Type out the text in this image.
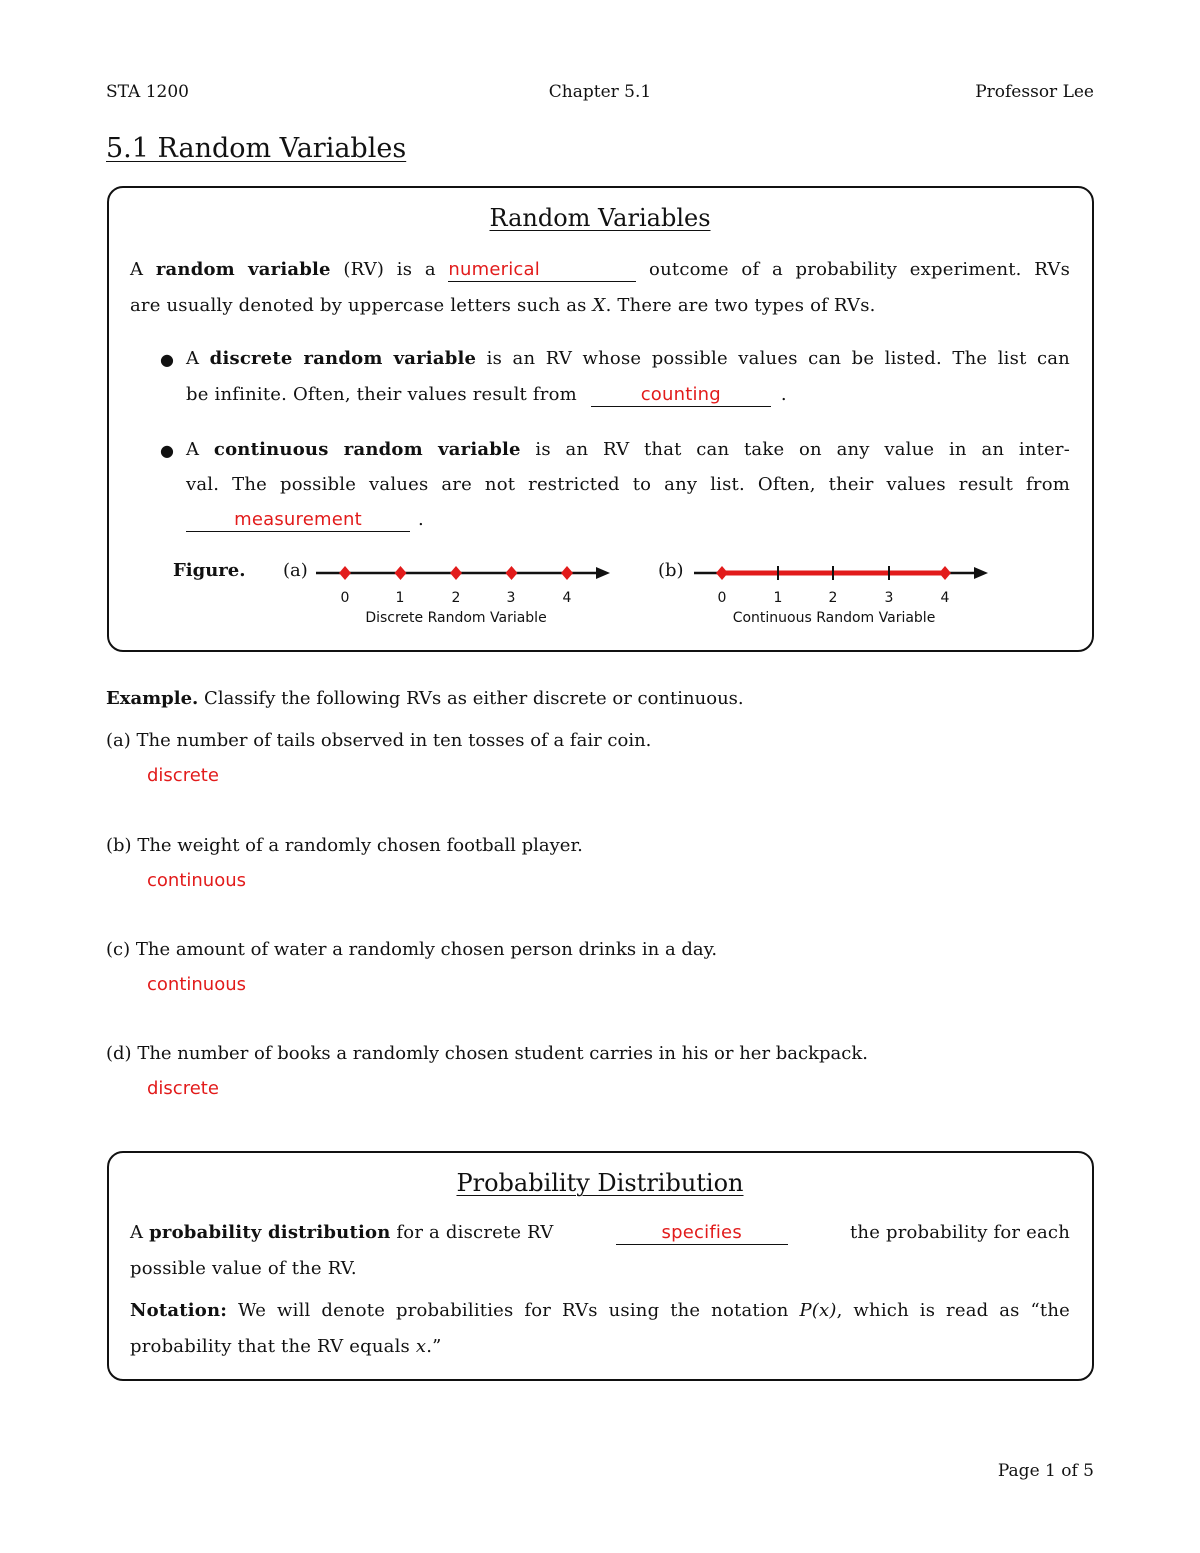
STA 1200	Chapter 5.1	Professor Lee
5.1 Random Variables
Random Variables
A random variable (RV) is a numerical	outcome of a probability experiment. RVs
are usually denoted by uppercase letters such as X. There are two types of RVs.
● A discrete random variable is an RV whose possible values can be listed. The list can
be infinite. Often, their values result from	counting	.
● A continuous random variable is an RV that can take on any value in an inter-
val. The possible values are not restricted to any list. Often, their values result from
measurement	.
Figure. (a)	(b)
0	1	2	3	4
Discrete Random Variable
0	1	2	3	4
Continuous Random Variable
Example. Classify the following RVs as either discrete or continuous.
(a) The number of tails observed in ten tosses of a fair coin.
discrete
(b) The weight of a randomly chosen football player.
continuous
(c) The amount of water a randomly chosen person drinks in a day.
continuous
(d) The number of books a randomly chosen student carries in his or her backpack.
discrete
Probability Distribution
A probability distribution for a discrete RV	specifies	the probability for each
possible value of the RV.
Notation: We will denote probabilities for RVs using the notation P(x), which is read as “the
probability that the RV equals x.”
Page 1 of 5
